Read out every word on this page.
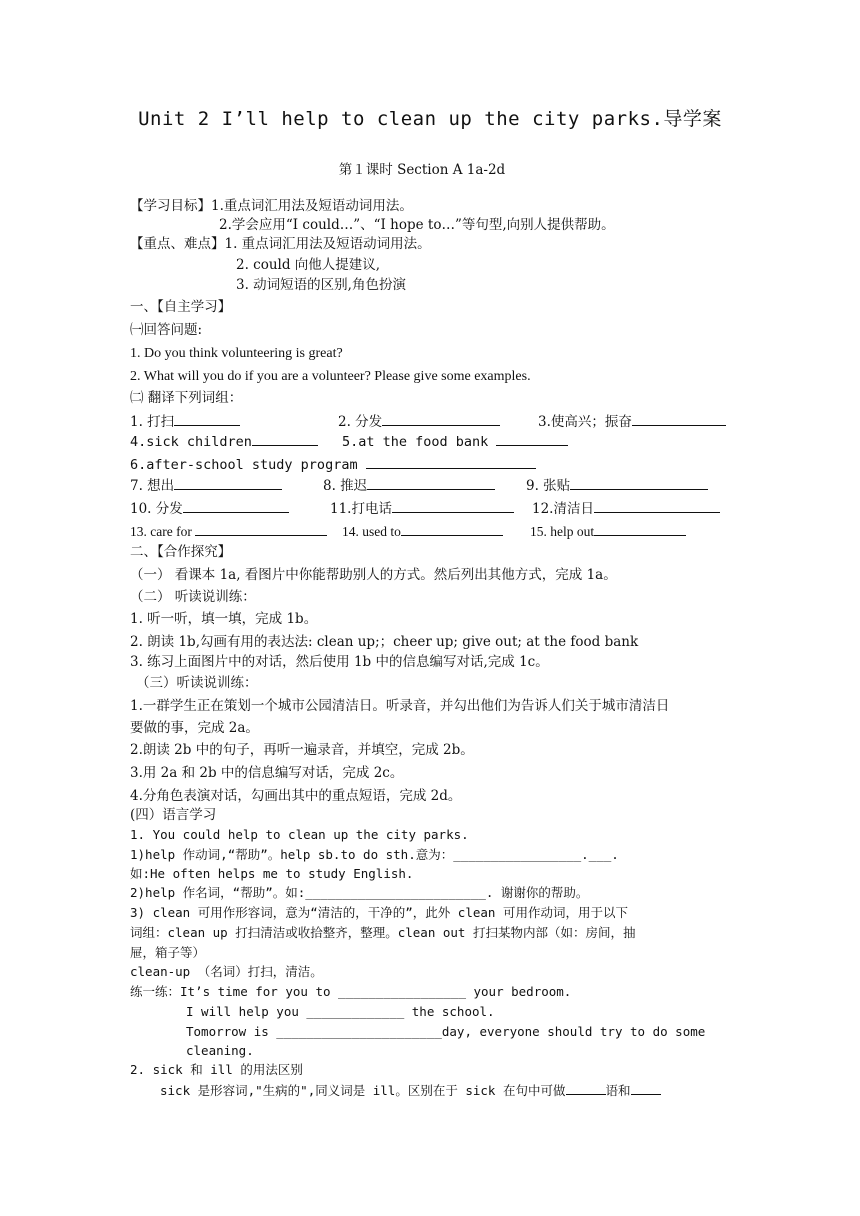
Unit 2 I’ll help to clean up the city parks.导学案
第１课时 Section A 1a-2d
【学习目标】1.重点词汇用法及短语动词用法。
2.学会应用“I could…”、“I hope to…”等句型,向别人提供帮助。
【重点、难点】1. 重点词汇用法及短语动词用法。
2. could 向他人提建议,
3. 动词短语的区别,角色扮演
一、【自主学习】
㈠回答问题:
1. Do you think volunteering is great?
2. What will you do if you are a volunteer? Please give some examples.
㈡ 翻译下列词组：
1. 打扫	2. 分发	3.使高兴；振奋
4.sick children	5.at the food bank
6.after-school study program
7. 想出	8. 推迟	9. 张贴
10. 分发	11.打电话	12.清洁日
13. care for	14. used to	15. help out
二、【合作探究】
（一） 看课本 1a, 看图片中你能帮助别人的方式。然后列出其他方式，完成 1a。
（二） 听读说训练：
1. 听一听，填一填，完成 1b。
2. 朗读 1b,勾画有用的表达法: clean up;；cheer up; give out; at the food bank
3. 练习上面图片中的对话，然后使用 1b 中的信息编写对话,完成 1c。
（三）听读说训练：
1.一群学生正在策划一个城市公园清洁日。听录音，并勾出他们为告诉人们关于城市清洁日
要做的事，完成 2a。
2.朗读 2b 中的句子，再听一遍录音，并填空，完成 2b。
3.用 2a 和 2b 中的信息编写对话，完成 2c。
4.分角色表演对话，勾画出其中的重点短语，完成 2d。
(四）语言学习
1. You could help to clean up the city parks.
1)help 作动词,“帮助”。help sb.to do sth.意为：_________________.___.
如:He often helps me to study English.
2)help 作名词，“帮助”。如:________________________. 谢谢你的帮助。
3) clean 可用作形容词，意为“清洁的，干净的”，此外 clean 可用作动词，用于以下
词组：clean up 打扫清洁或收拾整齐，整理。clean out 打扫某物内部（如：房间，抽
屉，箱子等）
clean-up （名词）打扫，清洁。
练一练：It’s time for you to _________________ your bedroom.
I will help you _____________ the school.
Tomorrow is ______________________day, everyone should try to do some
cleaning.
2. sick 和 ill 的用法区别
sick 是形容词,"生病的",同义词是 ill。区别在于 sick 在句中可做	语和
